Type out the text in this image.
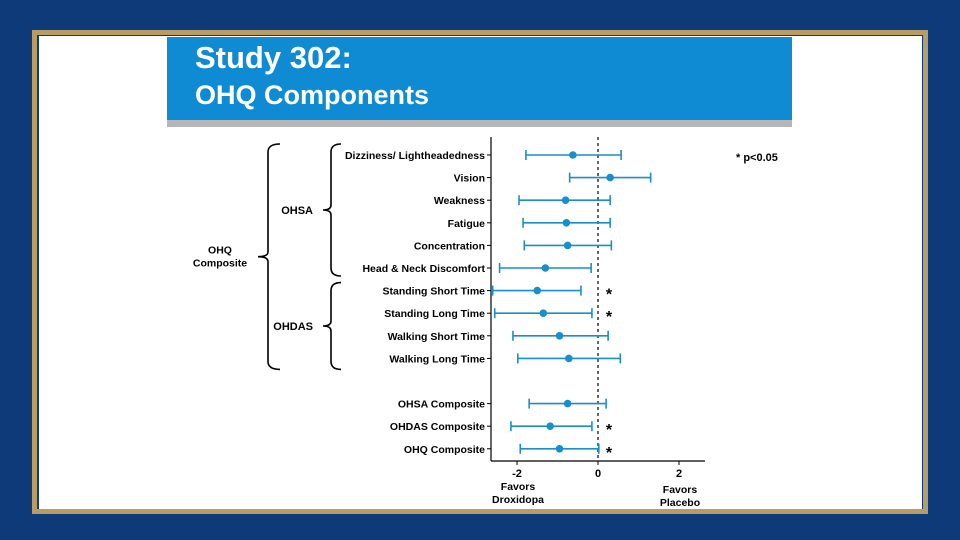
Study 302:
OHQ Components
-2	0	2
Favors
Droxidopa
Favors
Placebo
* p<0.05
Dizziness/ Lightheadedness
Vision
Weakness
Fatigue
Concentration
Head & Neck Discomfort
Standing Short Time	*
Standing Long Time	*
Walking Short Time
Walking Long Time
OHSA Composite
OHDAS Composite	*
OHQ Composite	*
OHSA
OHDAS
OHQ
Composite
